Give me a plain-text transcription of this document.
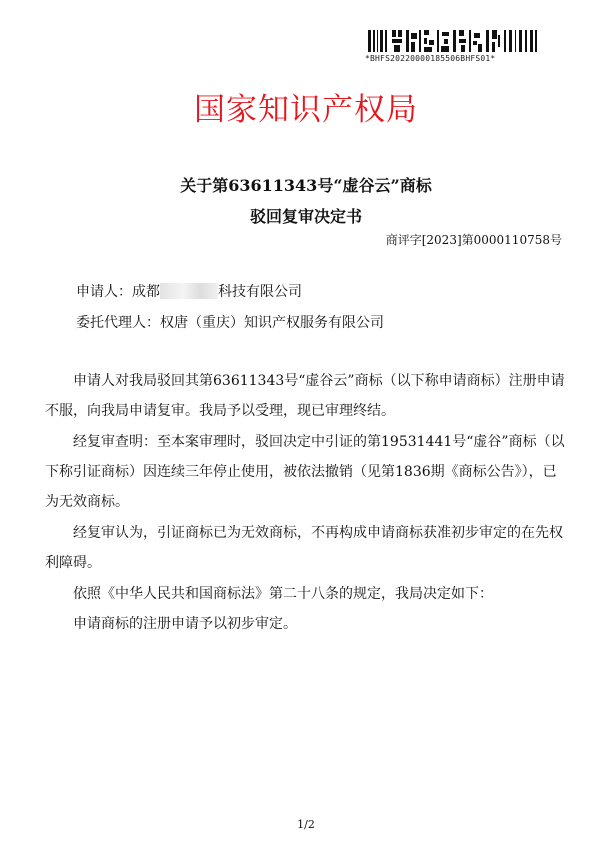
*BHFS20220000185506BHFS01*
国家知识产权局
关于第63611343号“虚谷云”商标
驳回复审决定书
商评字[2023]第0000110758号
申请人：成都	科技有限公司
委托代理人：权唐（重庆）知识产权服务有限公司

申请人对我局驳回其第63611343号“虚谷云”商标（以下称申请商标）注册申请不服，向我局申请复审。我局予以受理，现已审理终结。

经复审查明：至本案审理时，驳回决定中引证的第19531441号“虚谷”商标（以下称引证商标）因连续三年停止使用，被依法撤销（见第1836期《商标公告》），已为无效商标。

经复审认为，引证商标已为无效商标，不再构成申请商标获准初步审定的在先权利障碍。

依照《中华人民共和国商标法》第二十八条的规定，我局决定如下：

申请商标的注册申请予以初步审定。

1/2
